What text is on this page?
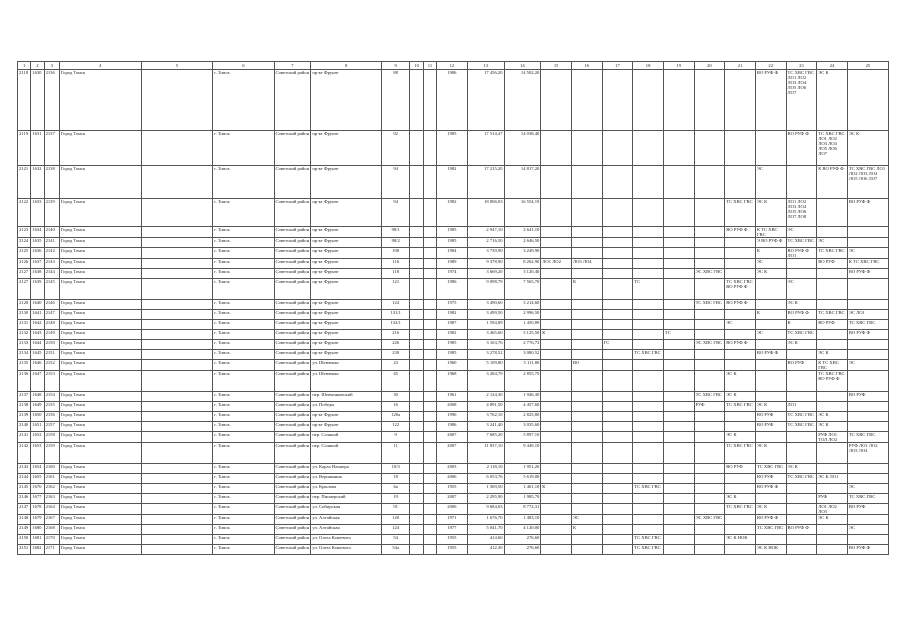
1	2	3	4	5	6	7	8	9	10	11	12	13	14	15	16	17	18	19	20	21	22	23	24	25
2118	1630	2136	Город Томск		г. Томск	Советский район	пр-кт Фрунзе	88			1986	17 456,20	14 502,20								ВО РУФ Ф	ТС ХВС ГВС ЛО1 ЛО2 ЛО3 ЛО4 ЛО5 ЛО6 ЛО7	ЭС К	
2119	1631	2137	Город Томск		г. Томск	Советский район	пр-кт Фрунзе	92			1985	17 514,47	14 038,40									ВО РУФ Ф	ТС ХВС ГВС ЛО1 ЛО2 ЛО3 ЛО4 ЛО5 ЛО6 ЛО7	ЭС К
2121	1632	2138	Город Томск		г. Томск	Советский район	пр-кт Фрунзе	94			1982	17 215,20	14 817,20								ЭС		К ВО РУФ Ф	ТС ХВС ГВС ЛО1 ЛО2 ЛО3 ЛО4 ЛО5 ЛО6 ЛО7
2122	1633	2139	Город Томск		г. Томск	Советский район	пр-кт Фрунзе	94			1982	18 806,03	16 554,19							ТС ХВС ГВС	ЭС К	ЛО1 ЛО2 ЛО3 ЛО4 ЛО5 ЛО6 ЛО7 ЛО8		ВО РУФ Ф
2123	1634	2140	Город Томск		г. Томск	Советский район	пр-кт Фрунзе	98/1			1985	2 947,10	2 641,10							ВО РУФ Ф	К ТС ХВС ГВС	ЭС		
2124	1635	2141	Город Томск		г. Томск	Советский район	пр-кт Фрунзе	98/2			1985	2 716,50	2 646,50								Э ВО РУФ Ф	ТС ХВС ГВС	ЭС	
2125	1636	2142	Город Томск		г. Томск	Советский район	пр-кт Фрунзе	100			1984	3 739,90	3 249,90								К	ВО РУФ Ф ЛО1	ТС ХВС ГВС	ЭС
2126	1637	2143	Город Томск		г. Томск	Советский район	пр-кт Фрунзе	116			1989	9 378,90	8 262,90	ЛО1 ЛО2	ЛО3 ЛО4						ЭС		ВО РУФ	К ТС ХВС ГВС
2127	1638	2144	Город Томск		г. Томск	Советский район	пр-кт Фрунзе	118			1974	3 669,20	3 120,40						ЭС ХВС ГВС		ЭС К			ВО РУФ Ф
2127	1639	2145	Город Томск		г. Томск	Советский район	пр-кт Фрунзе	121			1986	9 098,79	7 565,70		К		ТС			ТС ХВС ГВС ВО РУФ Ф		ЭС		
2128	1640	2146	Город Томск		г. Томск	Советский район	пр-кт Фрунзе	124			1975	3 490,60	3 214,60						ТС ХВС ГВС	ВО РУФ Ф		ЭС К		
2130	1641	2147	Город Томск		г. Томск	Советский район	пр-кт Фрунзе	131/1			1982	3 499,50	2 996,50								К	ВО РУФ Ф	ТС ХВС ГВС	ЭС ЛО1
2131	1642	2148	Город Томск		г. Томск	Советский район	пр-кт Фрунзе	132/1			1987	1 594,89	1 450,89							ЭС		К	ВО РУФ	ТС ХВС ГВС
2132	1643	2149	Город Томск		г. Томск	Советский район	пр-кт Фрунзе	216			1982	3 465,60	3 125,50	К				ТС			ЭС	ТС ХВС ГВС		ВО РУФ Ф
2133	1644	2150	Город Томск		г. Томск	Советский район	пр-кт Фрунзе	226			1985	3 163,76	2 776,73			ГС			ЭС ХВС ГВС	ВО РУФ Ф		ЭС К		
2134	1645	2151	Город Томск		г. Томск	Советский район	пр-кт Фрунзе	230			1985	3 278,52	3 080,52				ТС ХВС ГВС				ВО РУФ Ф		ЭС К	
2135	1646	2152	Город Томск		г. Томск	Советский район	ул. Шевченко	23			1960	5 109,80	5 111,80		ВО							ВО РУФ	К ТС ХВС ГВС	ЭС
2136	1647	2153	Город Томск		г. Томск	Советский район	ул. Шевченко	45			1968	3 284,79	2 855,75							ЭС К			ТС ХВС ГВС ВО РУФ Ф	
2137	1648	2154	Город Томск		г. Томск	Советский район	пер. Шевченковский	30			1961	2 124,30	1 946,30						ТС ХВС ГВС	ЭС К				ВО РУФ
2138	1649	2155	Город Томск		г. Томск	Советский район	ул. Победы	16			2008	4 891,50	4 457,60						РУФ	ТС ХВС ГВС	ЭС К	ЛО1		
2139	1650	2156	Город Томск		г. Томск	Советский район	пр-кт Фрунзе	120а			1996	3 762,10	2 825,80								ВО РУФ	ТС ХВС ГВС	ЭС К	
2140	1651	2157	Город Томск		г. Томск	Советский район	пр-кт Фрунзе	122			1986	3 241,40	3 035,60								ВО РУФ	ТС ХВС ГВС	ЭС К	
2141	1652	2158	Город Томск		г. Томск	Советский район	пер. Соляной	9			2007	7 685,20	5 897,10							ЭС К			РУФ ЛО1 ТОЛ ЛО2	ТС ХВС ГВС
2142	1653	2159	Город Томск		г. Томск	Советский район	пер. Соляной	11			2007	11 837,10	9 449,10							ТС ХВС ГВС	ЭС К			РУФ ЛО1 ЛО2 ЛО3 ЛО4
2143	1654	2160	Город Томск		г. Томск	Советский район	ул. Карла Ильмера	10/3			2003	2 118,10	1 951,20							ВО РУФ	ТС ХВС ГВС	ЭС К		
2144	1655	2161	Город Томск		г. Томск	Советский район	ул. Вершинина	18			2006	6 053,76	5 619,00								ВО РУФ	ТС ХВС ГВС	ЭС К ЛО1	
2145	1676	2162	Город Томск		г. Томск	Советский район	ул. Крылова	6а			1955	1 569,50	1 461,10	К			ТС ХВС ГВС				ВО РУФ Ф			ЭС
2146	1677	2163	Город Томск		г. Томск	Советский район	пер. Пионерский	19			2007	2 295,90	1 985,70							ЭС К			РУФ	ТС ХВС ГВС
2147	1678	2164	Город Томск		г. Томск	Советский район	ул. Сибирская	91			2006	9 684,03	8 772,31							ТС ХВС ГВС	ЭС К		ЛО1 ЛО2 ЛО3	ВО РУФ
2148	1679	2167	Город Томск		г. Томск	Советский район	ул. Алтайская	120			1971	1 676,70	1 483,10		ЭС				ЭС ХВС ГВС		ВО РУФ Ф		ЭС К	
2149	1680	2168	Город Томск		г. Томск	Советский район	ул. Алтайская	124			1977	5 041,70	4 120,00		К						ТС ХВС ГВС	ВО РУФ Ф		ЭС
2150	1681	2170	Город Томск		г. Томск	Советский район	ул. Олега Кошевого	54			1955	414,60	276,60				ТС ХВС ГВС			ЭС К НОК				
2151	1682	2171	Город Томск		г. Томск	Советский район	ул. Олега Кошевого	54а			1955	412,30	276,60				ТС ХВС ГВС				ЭС К НОК			ВО РУФ Ф
